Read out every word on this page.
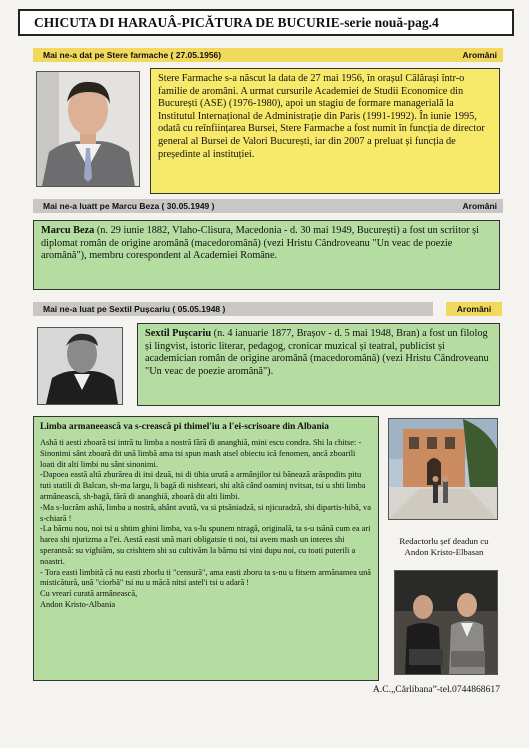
CHICUTA DI HARAUÂ-PICĂTURA DE BUCURIE-serie nouă-pag.4
Mai ne-a dat pe Stere farmache ( 27.05.1956)	Aromâni
Stere Farmache s-a născut la data de 27 mai 1956, în orașul Călărași într-o familie de aromâni. A urmat cursurile Academiei de Studii Economice din București (ASE) (1976-1980), apoi un stagiu de formare managerială la Institutul Internațional de Administrație din Paris (1991-1992). În iunie 1995, odată cu reînființarea Bursei, Stere Farmache a fost numit în funcția de director general al Bursei de Valori București, iar din 2007 a preluat și funcția de președinte al instituției.
Mai ne-a luatt pe Marcu Beza ( 30.05.1949 )	Aromâni
Marcu Beza (n. 29 iunie 1882, Vlaho-Clisura, Macedonia - d. 30 mai 1949, București) a fost un scriitor și diplomat român de origine aromână (macedoromână) (vezi Hristu Cândroveanu "Un veac de poezie aromână"), membru corespondent al Academiei Române.
Mai ne-a luat pe Sextil Pușcariu ( 05.05.1948 )	Aromâni
Sextil Pușcariu (n. 4 ianuarie 1877, Brașov - d. 5 mai 1948, Bran) a fost un filolog și lingvist, istoric literar, pedagog, cronicar muzical și teatral, publicist și academician român de origine aromână (macedoromână) (vezi Hristu Cândroveanu "Un veac de poezie aromână").
Limba armaneească va s-crească pi thimel'iu a l'ei-scrisoare din Albania
Ashă ti aesti zboară tsi intră tu limba a nostră fără di ananghiă, mini escu condra. Shi la chitse: -Sinonimi sânt zboară dit ună limbă ama tsi spun mash atsel obiectu ică fenomen, ancă zboarili loati dit alti limbi nu sânt sinonimi.
-Dapoea eastă altă zburărea di itsi dzuă, tsi di tihia urută a armânjilor tsi bănează arăspndits pitu tuti statili di Balcan, sh-ma largu, li bagă di nishteari, shi altă când oaminj nvitsat, tsi u shti limba armânească, sh-bagă, fără di ananghiă, zboară dit alti limbi.
-Ma s-lucrăm ashă, limba a nostră, ahânt avută, va si ptsăniadză, si njicuradză, shi dipartis-hibă, va s-chiară !
-La bărnu nou, noi tsi u shtim ghini limba, va s-lu spunem ntragă, originală, ta s-u tsănă cum ea ari harea shi njurizma a l'ei. Aestă easti ună mari obligatsie ti noi, tsi avem mash un interes shi sperantsă: su vighiăm, su crishtem shi su cultivăm la bărnu tsi vini dupu noi, cu toati puterili a noastri.
- Tora easti limbită că nu easti zborlu ti "censură", ama easti zboru ta s-nu u fitsem armănamea ună misticătură, ună "ciorbă" tsi nu u măcă nitsi astel'i tsi u adară !
Cu vrearí curată armânească,
Andon Kristo-Albania
Redactorlu șef deadun cu
Andon Kristo-Elbasan
A.C.„Cărlibana”-tel.0744868617
